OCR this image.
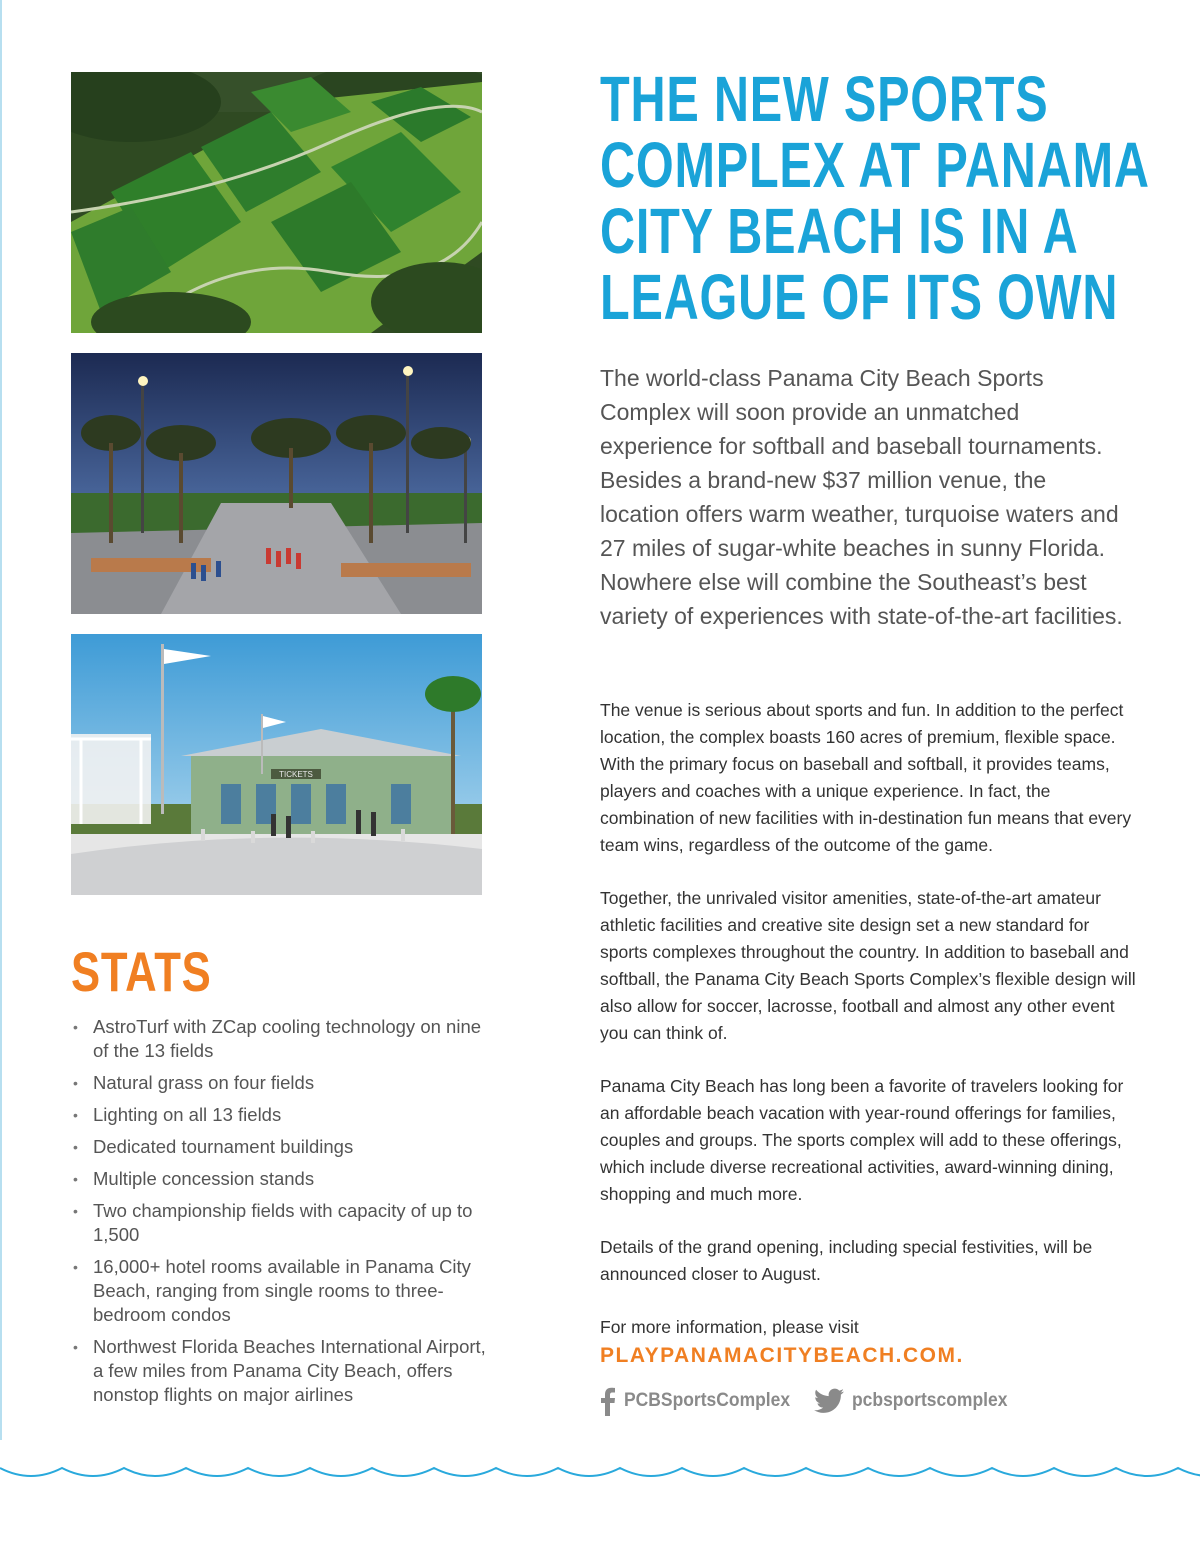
TICKETS
STATS
• AstroTurf with ZCap cooling technology on nine of the 13 fields
• Natural grass on four fields
• Lighting on all 13 fields
• Dedicated tournament buildings
• Multiple concession stands
• Two championship fields with capacity of up to 1,500
• 16,000+ hotel rooms available in Panama City Beach, ranging from single rooms to three-bedroom condos
• Northwest Florida Beaches International Airport, a few miles from Panama City Beach, offers nonstop flights on major airlines
THE NEW SPORTS
COMPLEX AT PANAMA
CITY BEACH IS IN A
LEAGUE OF ITS OWN

The world-class Panama City Beach Sports Complex will soon provide an unmatched experience for softball and baseball tournaments. Besides a brand-new $37 million venue, the location offers warm weather, turquoise waters and 27 miles of sugar-white beaches in sunny Florida. Nowhere else will combine the Southeast’s best variety of experiences with state-of-the-art facilities.

The venue is serious about sports and fun. In addition to the perfect location, the complex boasts 160 acres of premium, flexible space. With the primary focus on baseball and softball, it provides teams, players and coaches with a unique experience. In fact, the combination of new facilities with in-destination fun means that every team wins, regardless of the outcome of the game.

Together, the unrivaled visitor amenities, state-of-the-art amateur athletic facilities and creative site design set a new standard for sports complexes throughout the country. In addition to baseball and softball, the Panama City Beach Sports Complex’s flexible design will also allow for soccer, lacrosse, football and almost any other event you can think of.

Panama City Beach has long been a favorite of travelers looking for an affordable beach vacation with year-round offerings for families, couples and groups. The sports complex will add to these offerings, which include diverse recreational activities, award-winning dining, shopping and much more.

Details of the grand opening, including special festivities, will be announced closer to August.

For more information, please visit

PLAYPANAMACITYBEACH.COM.
PCBSportsComplex	pcbsportscomplex
